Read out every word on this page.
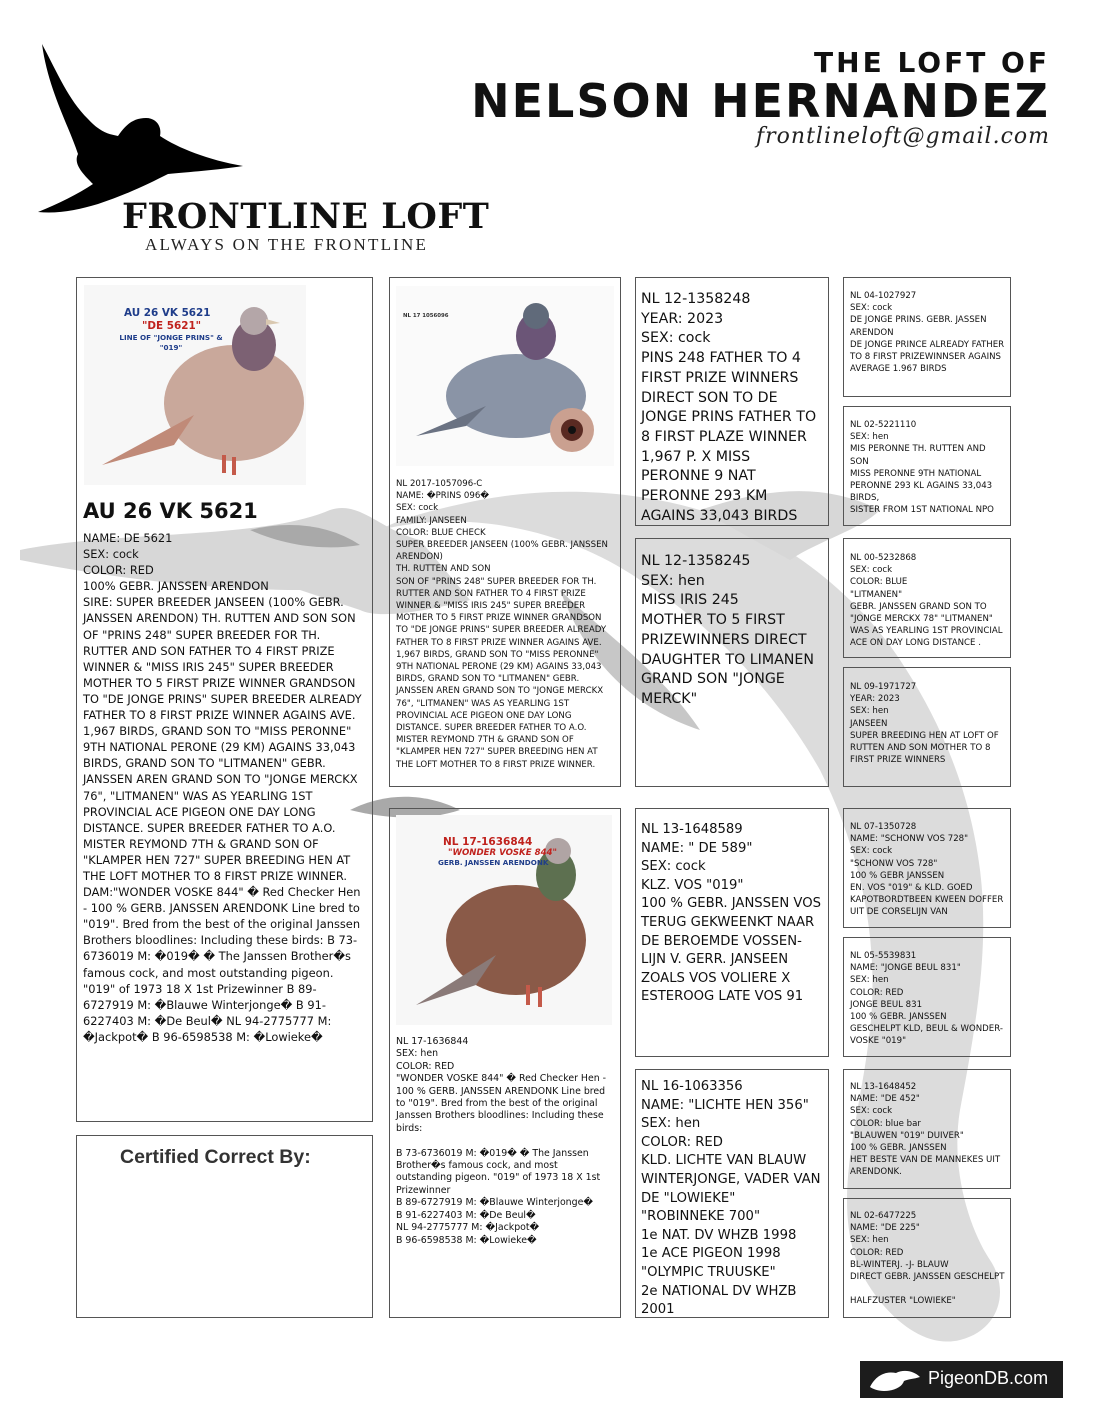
FRONTLINE LOFT
ALWAYS ON THE FRONTLINE
THE LOFT OF
NELSON HERNANDEZ
frontlineloft@gmail.com
AU 26 VK 5621
"DE 5621"
LINE OF "JONGE PRINS" &
"019"
AU 26 VK 5621
NAME: DE 5621
SEX: cock
COLOR: RED
100% GEBR. JANSSEN ARENDON
SIRE: SUPER BREEDER JANSEEN (100% GEBR. JANSSEN ARENDON) TH. RUTTEN AND SON SON OF "PRINS 248" SUPER BREEDER FOR TH. RUTTER AND SON FATHER TO 4 FIRST PRIZE WINNER & "MISS IRIS 245" SUPER BREEDER MOTHER TO 5 FIRST PRIZE WINNER GRANDSON TO "DE JONGE PRINS" SUPER BREEDER ALREADY FATHER TO 8 FIRST PRIZE WINNER AGAINS AVE. 1,967 BIRDS, GRAND SON TO "MISS PERONNE" 9TH NATIONAL PERONE (29 KM) AGAINS 33,043 BIRDS, GRAND SON TO "LITMANEN" GEBR. JANSSEN AREN GRAND SON TO "JONGE MERCKX 76", "LITMANEN" WAS AS YEARLING 1ST PROVINCIAL ACE PIGEON ONE DAY LONG DISTANCE. SUPER BREEDER FATHER TO A.O. MISTER REYMOND 7TH & GRAND SON OF "KLAMPER HEN 727" SUPER BREEDING HEN AT THE LOFT MOTHER TO 8 FIRST PRIZE WINNER.
DAM:"WONDER VOSKE 844" � Red Checker Hen - 100 % GERB. JANSSEN ARENDONK Line bred to "019". Bred from the best of the original Janssen Brothers bloodlines: Including these birds: B 73-6736019 M: �019� � The Janssen Brother�s famous cock, and most outstanding pigeon. "019" of 1973 18 X 1st Prizewinner B 89-6727919 M: �Blauwe Winterjonge� B 91-6227403 M: �De Beul� NL 94-2775777 M: �Jackpot� B 96-6598538 M: �Lowieke�
Certified Correct By:
NL 17 1056096
NL 2017-1057096-C
NAME: �PRINS 096�
SEX: cock
FAMILY: JANSEEN
COLOR: BLUE CHECK
SUPER BREEDER JANSEEN (100% GEBR. JANSSEN ARENDON)
TH. RUTTEN AND SON
SON OF "PRINS 248" SUPER BREEDER FOR TH. RUTTER AND SON FATHER TO 4 FIRST PRIZE WINNER & "MISS IRIS 245" SUPER BREEDER MOTHER TO 5 FIRST PRIZE WINNER GRANDSON TO "DE JONGE PRINS" SUPER BREEDER ALREADY FATHER TO 8 FIRST PRIZE WINNER AGAINS AVE. 1,967 BIRDS, GRAND SON TO "MISS PERONNE" 9TH NATIONAL PERONE (29 KM) AGAINS 33,043 BIRDS, GRAND SON TO "LITMANEN" GEBR. JANSSEN AREN GRAND SON TO "JONGE MERCKX 76", "LITMANEN" WAS AS YEARLING 1ST PROVINCIAL ACE PIGEON ONE DAY LONG DISTANCE. SUPER BREEDER FATHER TO A.O. MISTER REYMOND 7TH & GRAND SON OF "KLAMPER HEN 727" SUPER BREEDING HEN AT THE LOFT MOTHER TO 8 FIRST PRIZE WINNER.
NL 17-1636844
"WONDER VOSKE 844"
GERB. JANSSEN ARENDONK
NL 17-1636844
SEX: hen
COLOR: RED
"WONDER VOSKE 844" � Red Checker Hen - 100 % GERB. JANSSEN ARENDONK Line bred to "019". Bred from the best of the original Janssen Brothers bloodlines: Including these birds:

B 73-6736019 M: �019� � The Janssen Brother�s famous cock, and most outstanding pigeon. "019" of 1973 18 X 1st Prizewinner
B 89-6727919 M: �Blauwe Winterjonge�
B 91-6227403 M: �De Beul�
NL 94-2775777 M: �Jackpot�
B 96-6598538 M: �Lowieke�
NL 12-1358248
YEAR: 2023
SEX: cock
PINS 248 FATHER TO 4 FIRST PRIZE WINNERS DIRECT SON TO DE JONGE PRINS FATHER TO 8 FIRST PLAZE WINNER 1,967 P. X MISS PERONNE 9 NAT PERONNE 293 KM AGAINS 33,043 BIRDS
NL 12-1358245
SEX: hen
MISS IRIS 245
MOTHER TO 5 FIRST PRIZEWINNERS DIRECT DAUGHTER TO LIMANEN GRAND SON "JONGE MERCK"
NL 13-1648589
NAME: " DE 589"
SEX: cock
KLZ. VOS "019"
100 % GEBR. JANSSEN VOS
TERUG GEKWEENKT NAAR DE BEROEMDE VOSSEN-LIJN V. GERR. JANSEEN ZOALS VOS VOLIERE X ESTEROOG LATE VOS 91
NL 16-1063356
NAME: "LICHTE HEN 356"
SEX: hen
COLOR: RED
KLD. LICHTE VAN BLAUW WINTERJONGE, VADER VAN DE "LOWIEKE"
"ROBINNEKE 700"
1e NAT. DV WHZB 1998
1e ACE PIGEON 1998
"OLYMPIC TRUUSKE"
2e NATIONAL DV WHZB 2001
NL 04-1027927
SEX: cock
DE JONGE PRINS. GEBR. JASSEN ARENDON
DE JONGE PRINCE ALREADY FATHER TO 8 FIRST PRIZEWINNSER AGAINS AVERAGE 1.967 BIRDS
NL 02-5221110
SEX: hen
MIS PERONNE TH. RUTTEN AND SON
MISS PERONNE 9TH NATIONAL PERONNE 293 KL AGAINS 33,043 BIRDS,
SISTER FROM 1ST NATIONAL NPO
NL 00-5232868
SEX: cock
COLOR: BLUE
"LITMANEN"
GEBR. JANSSEN GRAND SON TO "JONGE MERCKX 78" "LITMANEN" WAS AS YEARLING 1ST PROVINCIAL ACE ON DAY LONG DISTANCE .
NL 09-1971727
YEAR: 2023
SEX: hen
JANSEEN
SUPER BREEDING HEN AT LOFT OF RUTTEN AND SON MOTHER TO 8 FIRST PRIZE WINNERS
NL 07-1350728
NAME: "SCHONW VOS 728"
SEX: cock
"SCHONW VOS 728"
100 % GEBR JANSSEN
EN. VOS "019" & KLD. GOED KAPOTBORDTBEEN KWEEN DOFFER UIT DE CORSELIJN VAN
NL 05-5539831
NAME: "JONGE BEUL 831"
SEX: hen
COLOR: RED
JONGE BEUL 831
100 % GEBR. JANSSEN
GESCHELPT KLD, BEUL & WONDER-VOSKE "019"
NL 13-1648452
NAME: "DE 452"
SEX: cock
COLOR: blue bar
"BLAUWEN "019" DUIVER"
100 % GEBR. JANSSEN
HET BESTE VAN DE MANNEKES UIT ARENDONK.
NL 02-6477225
NAME: "DE 225"
SEX: hen
COLOR: RED
BL-WINTERJ. -J- BLAUW
DIRECT GEBR. JANSSEN GESCHELPT

HALFZUSTER "LOWIEKE"
PigeonDB.com
